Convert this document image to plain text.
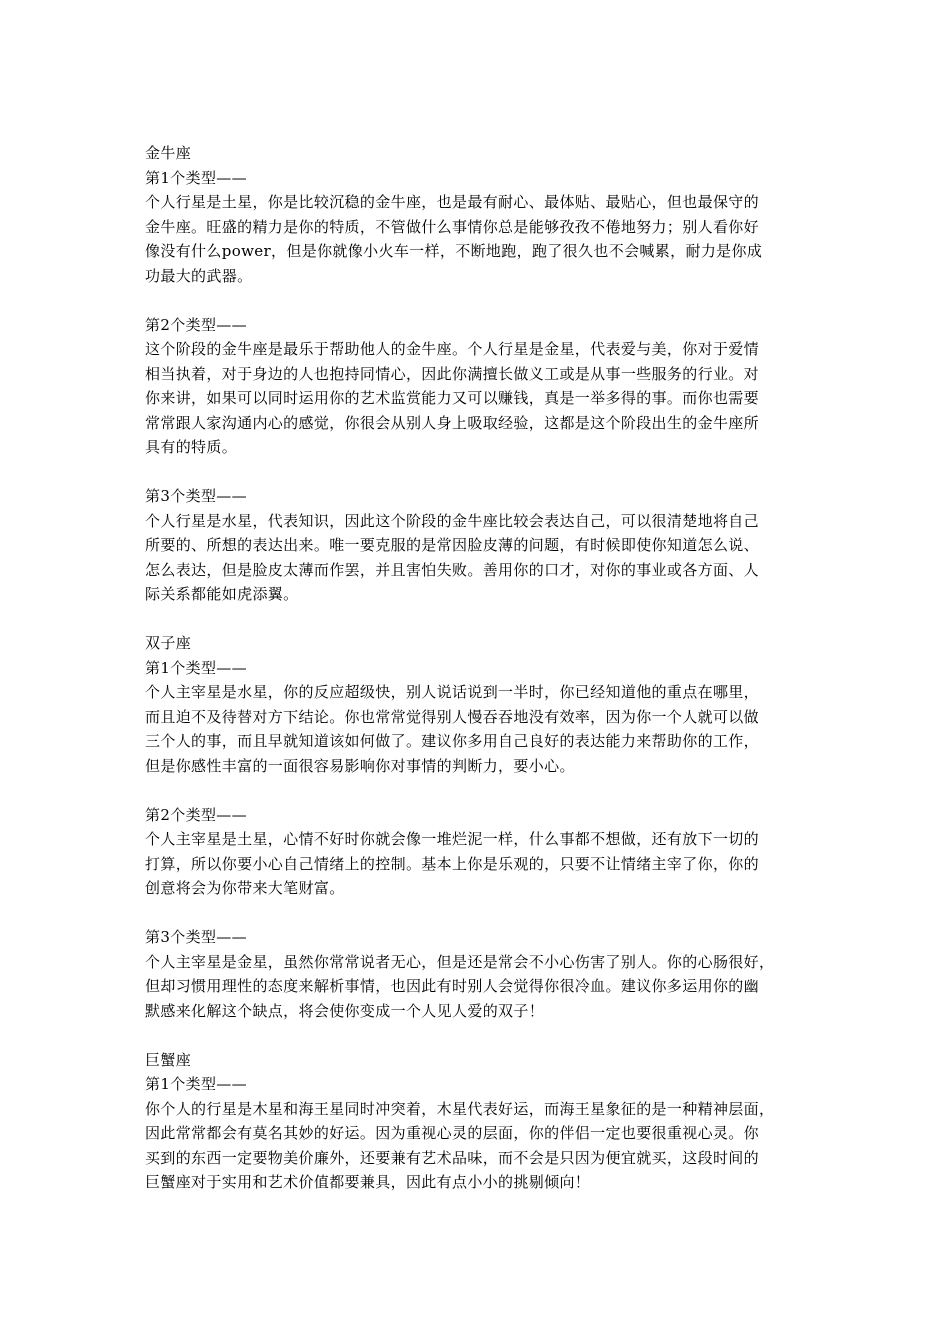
金牛座
第1个类型——
个人行星是土星，你是比较沉稳的金牛座，也是最有耐心、最体贴、最贴心，但也最保守的
金牛座。旺盛的精力是你的特质，不管做什么事情你总是能够孜孜不倦地努力；别人看你好
像没有什么power，但是你就像小火车一样，不断地跑，跑了很久也不会喊累，耐力是你成
功最大的武器。
第2个类型——
这个阶段的金牛座是最乐于帮助他人的金牛座。个人行星是金星，代表爱与美，你对于爱情
相当执着，对于身边的人也抱持同情心，因此你满擅长做义工或是从事一些服务的行业。对
你来讲，如果可以同时运用你的艺术监赏能力又可以赚钱，真是一举多得的事。而你也需要
常常跟人家沟通内心的感觉，你很会从别人身上吸取经验，这都是这个阶段出生的金牛座所
具有的特质。
第3个类型——
个人行星是水星，代表知识，因此这个阶段的金牛座比较会表达自己，可以很清楚地将自己
所要的、所想的表达出来。唯一要克服的是常因脸皮薄的问题，有时候即使你知道怎么说、
怎么表达，但是脸皮太薄而作罢，并且害怕失败。善用你的口才，对你的事业或各方面、人
际关系都能如虎添翼。
双子座
第1个类型——
个人主宰星是水星，你的反应超级快，别人说话说到一半时，你已经知道他的重点在哪里，
而且迫不及待替对方下结论。你也常常觉得别人慢吞吞地没有效率，因为你一个人就可以做
三个人的事，而且早就知道该如何做了。建议你多用自己良好的表达能力来帮助你的工作，
但是你感性丰富的一面很容易影响你对事情的判断力，要小心。
第2个类型——
个人主宰星是土星，心情不好时你就会像一堆烂泥一样，什么事都不想做，还有放下一切的
打算，所以你要小心自己情绪上的控制。基本上你是乐观的，只要不让情绪主宰了你，你的
创意将会为你带来大笔财富。
第3个类型——
个人主宰星是金星，虽然你常常说者无心，但是还是常会不小心伤害了别人。你的心肠很好，
但却习惯用理性的态度来解析事情，也因此有时别人会觉得你很冷血。建议你多运用你的幽
默感来化解这个缺点，将会使你变成一个人见人爱的双子！
巨蟹座
第1个类型——
你个人的行星是木星和海王星同时冲突着，木星代表好运，而海王星象征的是一种精神层面，
因此常常都会有莫名其妙的好运。因为重视心灵的层面，你的伴侣一定也要很重视心灵。你
买到的东西一定要物美价廉外，还要兼有艺术品味，而不会是只因为便宜就买，这段时间的
巨蟹座对于实用和艺术价值都要兼具，因此有点小小的挑剔倾向！
